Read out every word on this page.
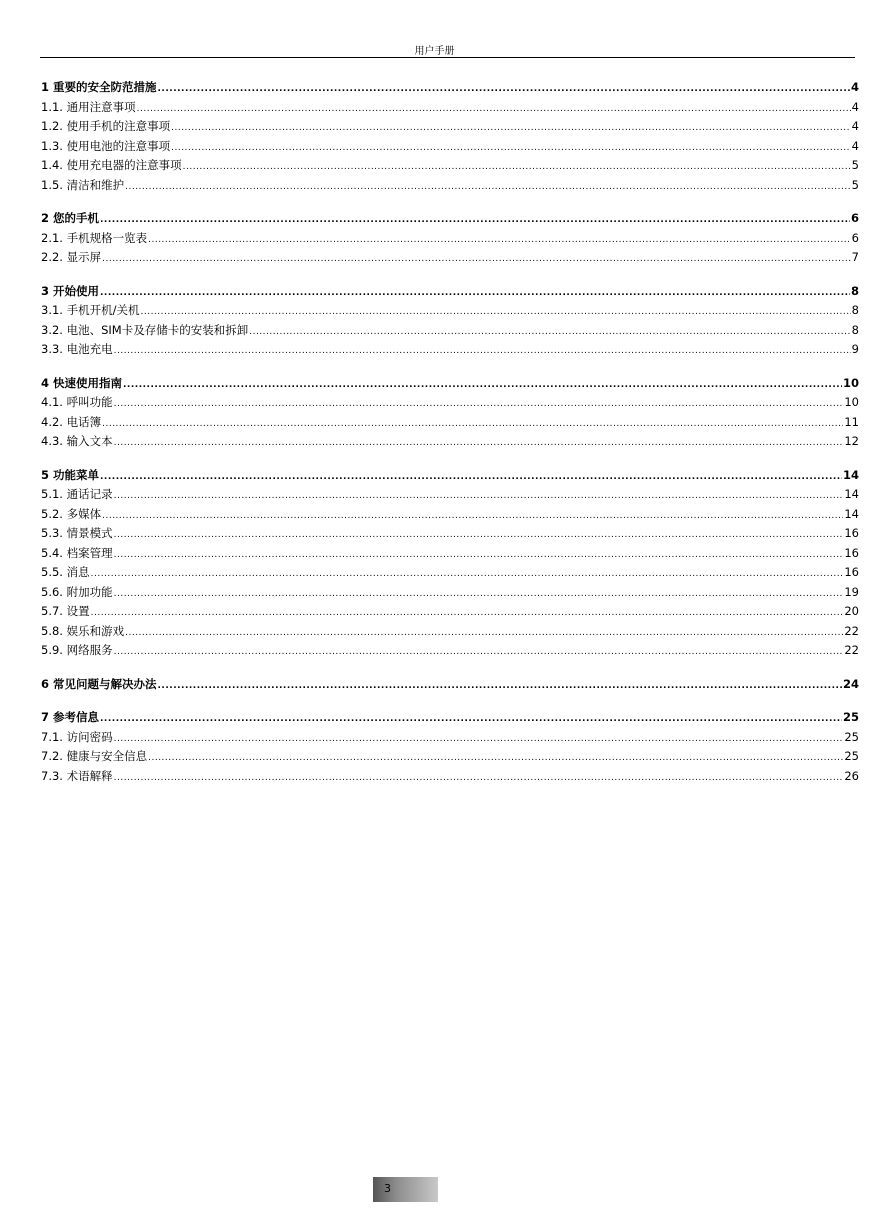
用户手册
1 重要的安全防范措施 .....	4
1.1. 通用注意事项 .....	4
1.2. 使用手机的注意事项 .....	4
1.3. 使用电池的注意事项 .....	4
1.4. 使用充电器的注意事项 .....	5
1.5. 清洁和维护 .....	5
2 您的手机 .....	6
2.1. 手机规格一览表 .....	6
2.2. 显示屏 .....	7
3 开始使用 .....	8
3.1. 手机开机/关机 .....	8
3.2. 电池、SIM卡及存储卡的安装和拆卸 .....	8
3.3. 电池充电 .....	9
4 快速使用指南 .....	10
4.1. 呼叫功能 .....	10
4.2. 电话簿 .....	11
4.3. 输入文本 .....	12
5 功能菜单 .....	14
5.1. 通话记录 .....	14
5.2. 多媒体 .....	14
5.3. 情景模式 .....	16
5.4. 档案管理 .....	16
5.5. 消息 .....	16
5.6. 附加功能 .....	19
5.7. 设置 .....	20
5.8. 娱乐和游戏 .....	22
5.9. 网络服务 .....	22
6 常见问题与解决办法 .....	24
7 参考信息 .....	25
7.1. 访问密码 .....	25
7.2. 健康与安全信息 .....	25
7.3. 术语解释 .....	26
3
